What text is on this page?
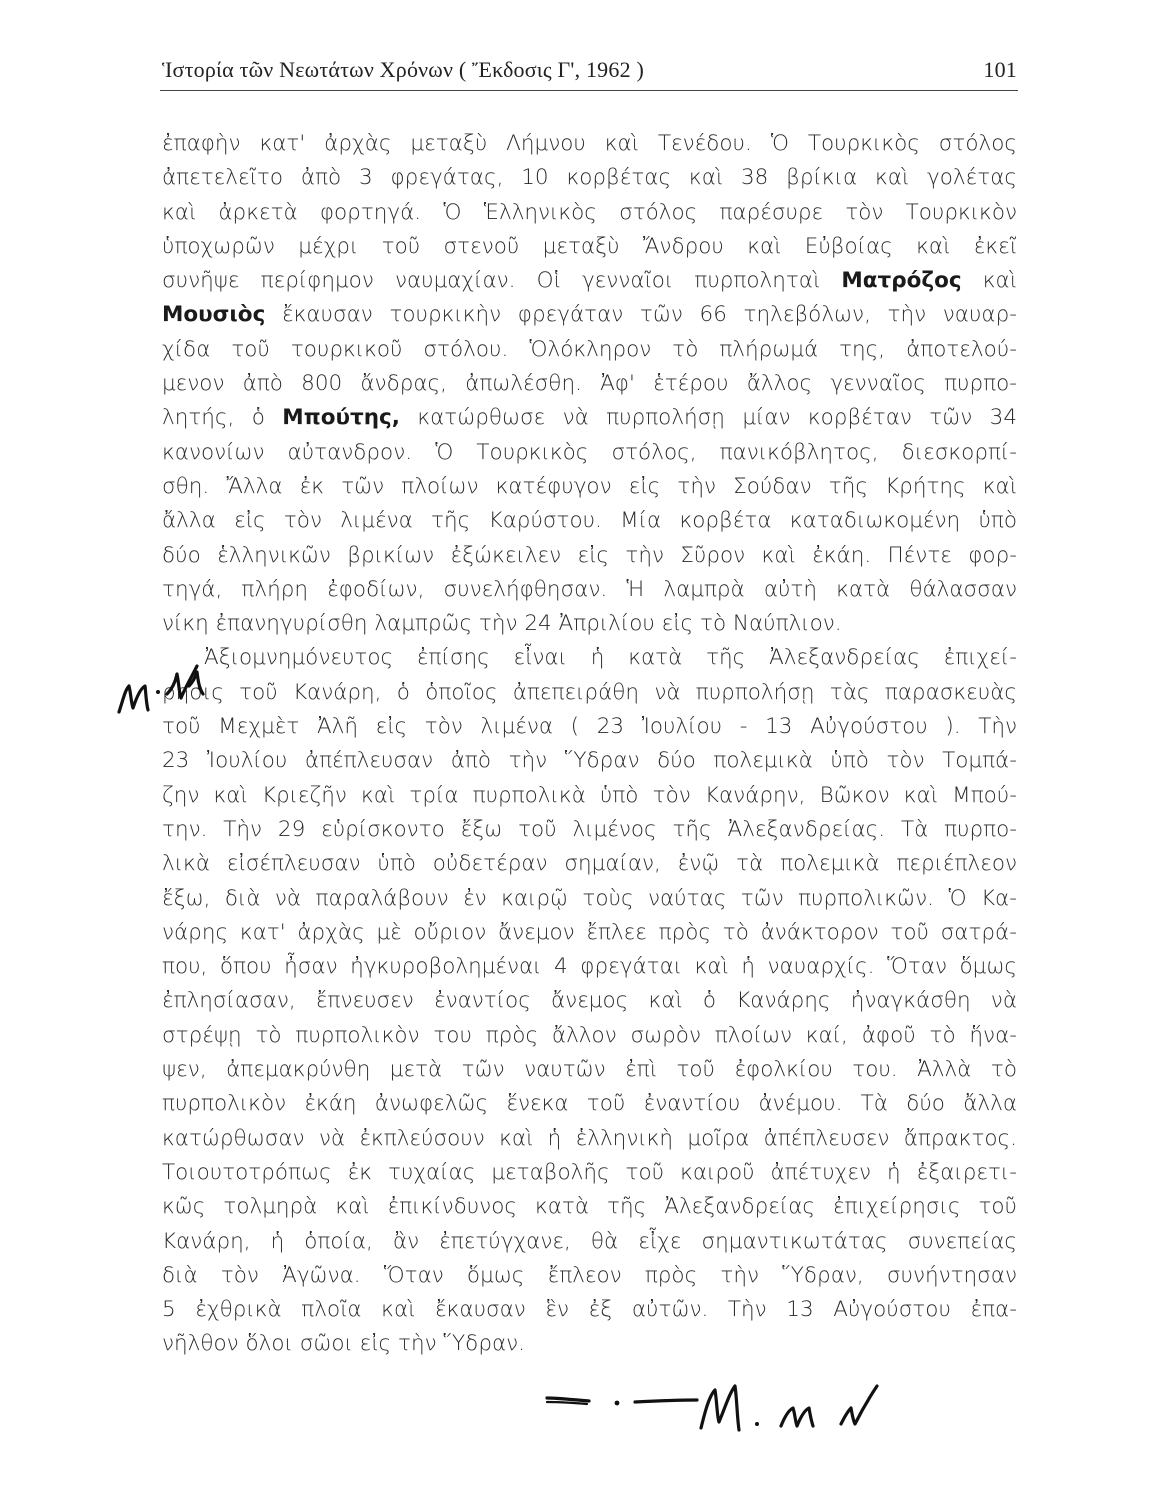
Ἱστορία τῶν Νεωτάτων Χρόνων ( Ἔκδοσις Γ', 1962 )	101
ἐπαφὴν κατ' ἀρχὰς μεταξὺ Λήμνου καὶ Τενέδου. Ὁ Τουρκικὸς στόλος
ἀπετελεῖτο ἀπὸ 3 φρεγάτας, 10 κορβέτας καὶ 38 βρίκια καὶ γολέτας
καὶ ἀρκετὰ φορτηγά. Ὁ Ἑλληνικὸς στόλος παρέσυρε τὸν Τουρκικὸν
ὑποχωρῶν μέχρι τοῦ στενοῦ μεταξὺ Ἄνδρου καὶ Εὐβοίας καὶ ἐκεῖ
συνῆψε περίφημον ναυμαχίαν. Οἱ γενναῖοι πυρποληταὶ Ματρόζος καὶ
Μουσιὸς ἔκαυσαν τουρκικὴν φρεγάταν τῶν 66 τηλεβόλων, τὴν ναυαρ-
χίδα τοῦ τουρκικοῦ στόλου. Ὁλόκληρον τὸ πλήρωμά της, ἀποτελού-
μενον ἀπὸ 800 ἄνδρας, ἀπωλέσθη. Ἀφ' ἑτέρου ἄλλος γενναῖος πυρπο-
λητής, ὁ Μπούτης, κατώρθωσε νὰ πυρπολήσῃ μίαν κορβέταν τῶν 34
κανονίων αὐτανδρον. Ὁ Τουρκικὸς στόλος, πανικόβλητος, διεσκορπί-
σθη. Ἄλλα ἐκ τῶν πλοίων κατέφυγον εἰς τὴν Σούδαν τῆς Κρήτης καὶ
ἄλλα εἰς τὸν λιμένα τῆς Καρύστου. Μία κορβέτα καταδιωκομένη ὑπὸ
δύο ἑλληνικῶν βρικίων ἐξώκειλεν εἰς τὴν Σῦρον καὶ ἐκάη. Πέντε φορ-
τηγά, πλήρη ἐφοδίων, συνελήφθησαν. Ἡ λαμπρὰ αὐτὴ κατὰ θάλασσαν
νίκη ἐπανηγυρίσθη λαμπρῶς τὴν 24 Ἀπριλίου εἰς τὸ Ναύπλιον.
Ἀξιομνημόνευτος ἐπίσης εἶναι ἡ κατὰ τῆς Ἀλεξανδρείας ἐπιχεί-
ρησις τοῦ Κανάρη, ὁ ὁποῖος ἀπεπειράθη νὰ πυρπολήσῃ τὰς παρασκευὰς
τοῦ Μεχμὲτ Ἀλῆ εἰς τὸν λιμένα ( 23 Ἰουλίου - 13 Αὐγούστου ). Τὴν
23 Ἰουλίου ἀπέπλευσαν ἀπὸ τὴν Ὕδραν δύο πολεμικὰ ὑπὸ τὸν Τομπά-
ζην καὶ Κριεζῆν καὶ τρία πυρπολικὰ ὑπὸ τὸν Κανάρην, Βῶκον καὶ Μπού-
την. Τὴν 29 εὑρίσκοντο ἔξω τοῦ λιμένος τῆς Ἀλεξανδρείας. Τὰ πυρπο-
λικὰ εἰσέπλευσαν ὑπὸ οὐδετέραν σημαίαν, ἐνῷ τὰ πολεμικὰ περιέπλεον
ἔξω, διὰ νὰ παραλάβουν ἐν καιρῷ τοὺς ναύτας τῶν πυρπολικῶν. Ὁ Κα-
νάρης κατ' ἀρχὰς μὲ οὔριον ἄνεμον ἔπλεε πρὸς τὸ ἀνάκτορον τοῦ σατρά-
που, ὅπου ἦσαν ἠγκυροβολημέναι 4 φρεγάται καὶ ἡ ναυαρχίς. Ὅταν ὅμως
ἐπλησίασαν, ἔπνευσεν ἐναντίος ἄνεμος καὶ ὁ Κανάρης ἠναγκάσθη νὰ
στρέψῃ τὸ πυρπολικὸν του πρὸς ἄλλον σωρὸν πλοίων καί, ἀφοῦ τὸ ἥνα-
ψεν, ἀπεμακρύνθη μετὰ τῶν ναυτῶν ἐπὶ τοῦ ἐφολκίου του. Ἀλλὰ τὸ
πυρπολικὸν ἐκάη ἀνωφελῶς ἕνεκα τοῦ ἐναντίου ἀνέμου. Τὰ δύο ἄλλα
κατώρθωσαν νὰ ἐκπλεύσουν καὶ ἡ ἑλληνικὴ μοῖρα ἀπέπλευσεν ἄπρακτος.
Τοιουτοτρόπως ἐκ τυχαίας μεταβολῆς τοῦ καιροῦ ἀπέτυχεν ἡ ἐξαιρετι-
κῶς τολμηρὰ καὶ ἐπικίνδυνος κατὰ τῆς Ἀλεξανδρείας ἐπιχείρησις τοῦ
Κανάρη, ἡ ὁποία, ἂν ἐπετύγχανε, θὰ εἶχε σημαντικωτάτας συνεπείας
διὰ τὸν Ἀγῶνα. Ὅταν ὅμως ἔπλεον πρὸς τὴν Ὕδραν, συνήντησαν
5 ἐχθρικὰ πλοῖα καὶ ἔκαυσαν ἓν ἐξ αὐτῶν. Τὴν 13 Αὐγούστου ἐπα-
νῆλθον ὅλοι σῶοι εἰς τὴν Ὕδραν.
